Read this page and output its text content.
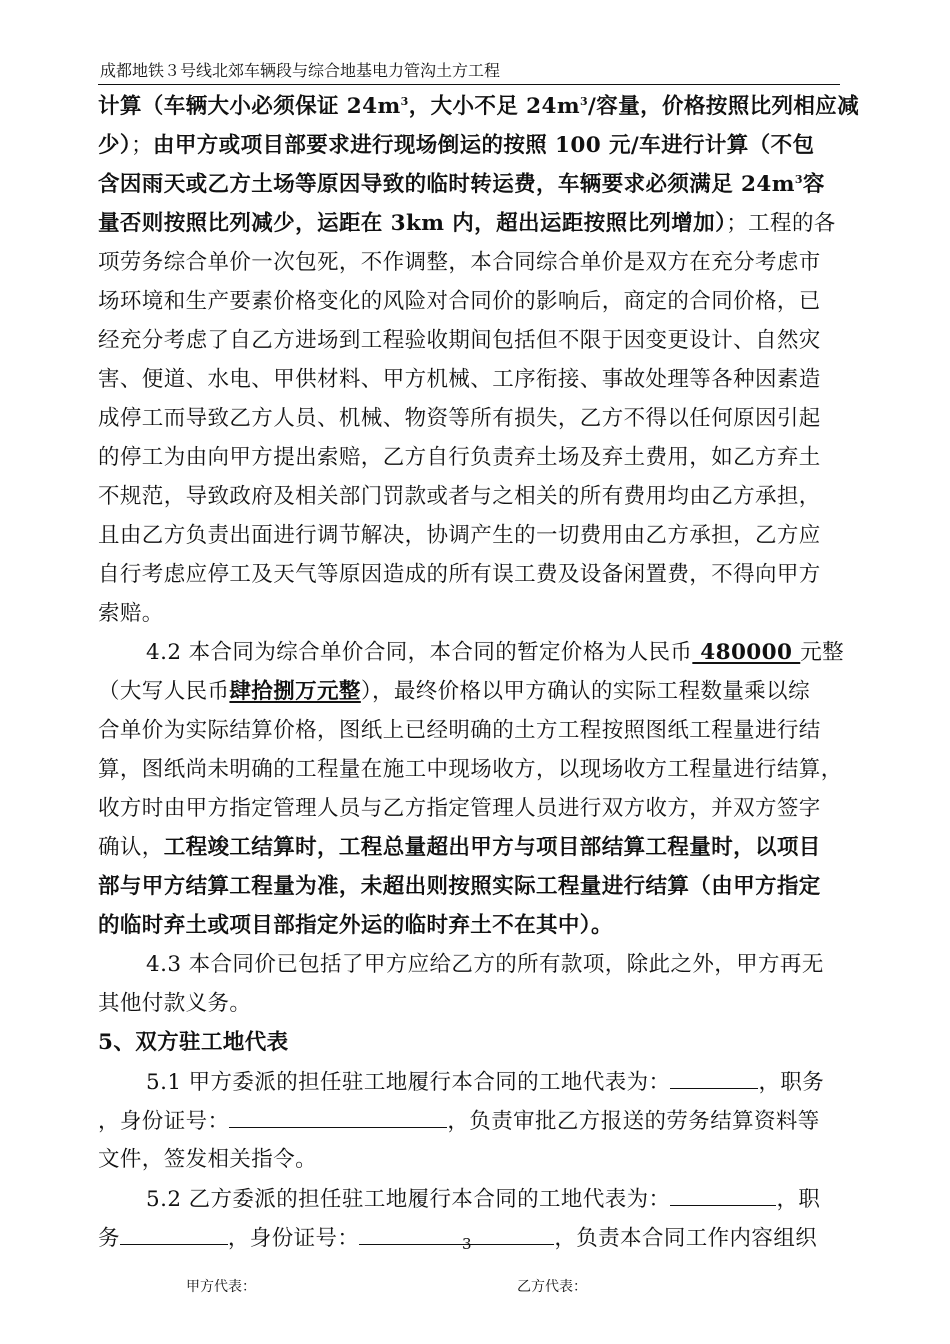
成都地铁３号线北郊车辆段与综合地基电力管沟土方工程
计算（车辆大小必须保证 $24m^3$，大小不足 $24m^3/$容量，价格按照比列相应减
少）；由甲方或项目部要求进行现场倒运的按照 100 元/车进行计算（不包
含因雨天或乙方土场等原因导致的临时转运费，车辆要求必须满足 $24m^3$容
量否则按照比列减少，运距在 3km 内，超出运距按照比列增加）；工程的各
项劳务综合单价一次包死，不作调整，本合同综合单价是双方在充分考虑市
场环境和生产要素价格变化的风险对合同价的影响后，商定的合同价格，已
经充分考虑了自乙方进场到工程验收期间包括但不限于因变更设计、自然灾
害、便道、水电、甲供材料、甲方机械、工序衔接、事故处理等各种因素造
成停工而导致乙方人员、机械、物资等所有损失，乙方不得以任何原因引起
的停工为由向甲方提出索赔，乙方自行负责弃土场及弃土费用，如乙方弃土
不规范，导致政府及相关部门罚款或者与之相关的所有费用均由乙方承担，
且由乙方负责出面进行调节解决，协调产生的一切费用由乙方承担，乙方应
自行考虑应停工及天气等原因造成的所有误工费及设备闲置费，不得向甲方
索赔。
4.2 本合同为综合单价合同，本合同的暂定价格为人民币 480000 元整
（大写人民币肆拾捌万元整），最终价格以甲方确认的实际工程数量乘以综
合单价为实际结算价格，图纸上已经明确的土方工程按照图纸工程量进行结
算，图纸尚未明确的工程量在施工中现场收方，以现场收方工程量进行结算，
收方时由甲方指定管理人员与乙方指定管理人员进行双方收方，并双方签字
确认，工程竣工结算时，工程总量超出甲方与项目部结算工程量时，以项目
部与甲方结算工程量为准，未超出则按照实际工程量进行结算（由甲方指定
的临时弃土或项目部指定外运的临时弃土不在其中）。
4.3 本合同价已包括了甲方应给乙方的所有款项，除此之外，甲方再无
其他付款义务。
5、双方驻工地代表
5.1 甲方委派的担任驻工地履行本合同的工地代表为：	，职务
，身份证号：	，负责审批乙方报送的劳务结算资料等
文件，签发相关指令。
5.2 乙方委派的担任驻工地履行本合同的工地代表为：	，职
务	，身份证号：	，负责本合同工作内容组织
3
甲方代表：	乙方代表：
